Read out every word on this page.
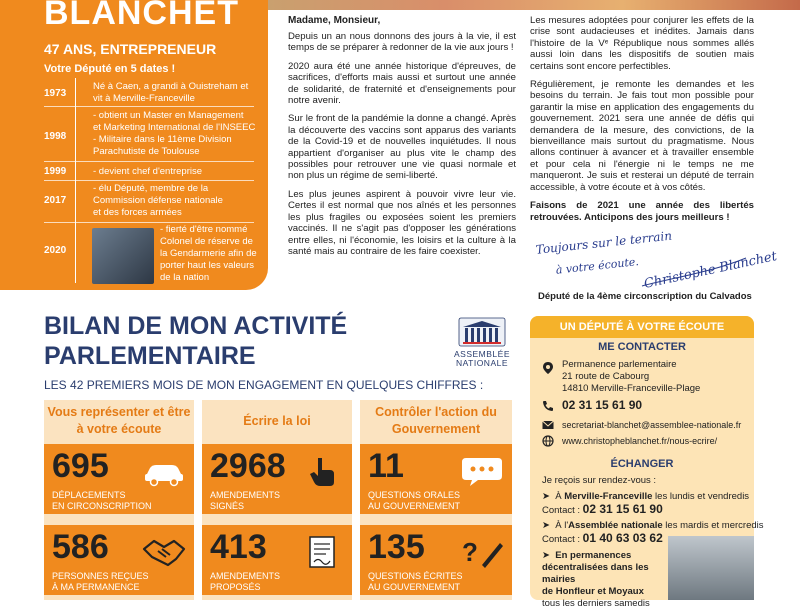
BLANCHET
47 ANS, ENTREPRENEUR
Votre Député en 5 dates !
1973
Né à Caen, a grandi à Ouistreham et
vit à Merville-Franceville
1998
- obtient un Master en Management
et Marketing International de l'INSEEC
- Militaire dans le 11ème Division
Parachutiste de Toulouse
1999	- devient chef d'entreprise
2017
- élu Député, membre de la
Commission défense nationale
et des forces armées
2020
- fierté d'être nommé
Colonel de réserve de
la Gendarmerie afin de
porter haut les valeurs
de la nation
Madame, Monsieur,

Depuis un an nous donnons des jours à la vie, il est temps de se préparer à redonner de la vie aux jours !

2020 aura été une année historique d'épreuves, de sacrifices, d'efforts mais aussi et surtout une année de solidarité, de fraternité et d'enseignements pour notre avenir.

Sur le front de la pandémie la donne a changé. Après la découverte des vaccins sont apparus des variants de la Covid-19 et de nouvelles inquiétudes. Il nous appartient d'organiser au plus vite le champ des possibles pour retrouver une vie quasi normale et non plus un régime de semi-liberté.

Les plus jeunes aspirent à pouvoir vivre leur vie. Certes il est normal que nos aînés et les personnes les plus fragiles ou exposées soient les premiers vaccinés. Il ne s'agit pas d'opposer les générations entre elles, ni l'économie, les loisirs et la culture à la santé mais au contraire de les faire coexister.

Les mesures adoptées pour conjurer les effets de la crise sont audacieuses et inédites. Jamais dans l'histoire de la Vᵉ République nous sommes allés aussi loin dans les dispositifs de soutien mais certains sont encore perfectibles.

Régulièrement, je remonte les demandes et les besoins du terrain. Je fais tout mon possible pour garantir la mise en application des engagements du gouvernement. 2021 sera une année de défis qui demandera de la mesure, des convictions, de la bienveillance mais surtout du pragmatisme. Nous allons continuer à avancer et à travailler ensemble et pour cela ni l'énergie ni le temps ne me manqueront. Je suis et resterai un député de terrain accessible, à votre écoute et à vos côtés.

Faisons de 2021 une année des libertés retrouvées. Anticipons des jours meilleurs !

Toujours sur le terrain
à votre écoute. Christophe Blanchet
Député de la 4ème circonscription du Calvados
BILAN DE MON ACTIVITÉ
PARLEMENTAIRE
LES 42 PREMIERS MOIS DE MON ENGAGEMENT EN QUELQUES CHIFFRES :
ASSEMBLÉE
NATIONALE
Vous représenter et être à votre écoute
695
DÉPLACEMENTS
EN CIRCONSCRIPTION
586
PERSONNES REÇUES
À MA PERMANENCE
Écrire la loi
2968
AMENDEMENTS
SIGNÉS
413
AMENDEMENTS
PROPOSÉS
Contrôler l'action du Gouvernement
11
QUESTIONS ORALES
AU GOUVERNEMENT
135 ?
QUESTIONS ÉCRITES
AU GOUVERNEMENT
UN DÉPUTÉ À VOTRE ÉCOUTE
ME CONTACTER
Permanence parlementaire
21 route de Cabourg
14810 Merville-Franceville-Plage
02 31 15 61 90
secretariat-blanchet@assemblee-nationale.fr
www.christopheblanchet.fr/nous-ecrire/
ÉCHANGER
Je reçois sur rendez-vous :
➤  À Merville-Franceville les lundis et vendredis
Contact : 02 31 15 61 90
➤  À l'Assemblée nationale les mardis et mercredis
Contact : 01 40 63 03 62
➤  En permanences
décentralisées dans les mairies
de Honfleur et Moyaux
tous les derniers samedis
